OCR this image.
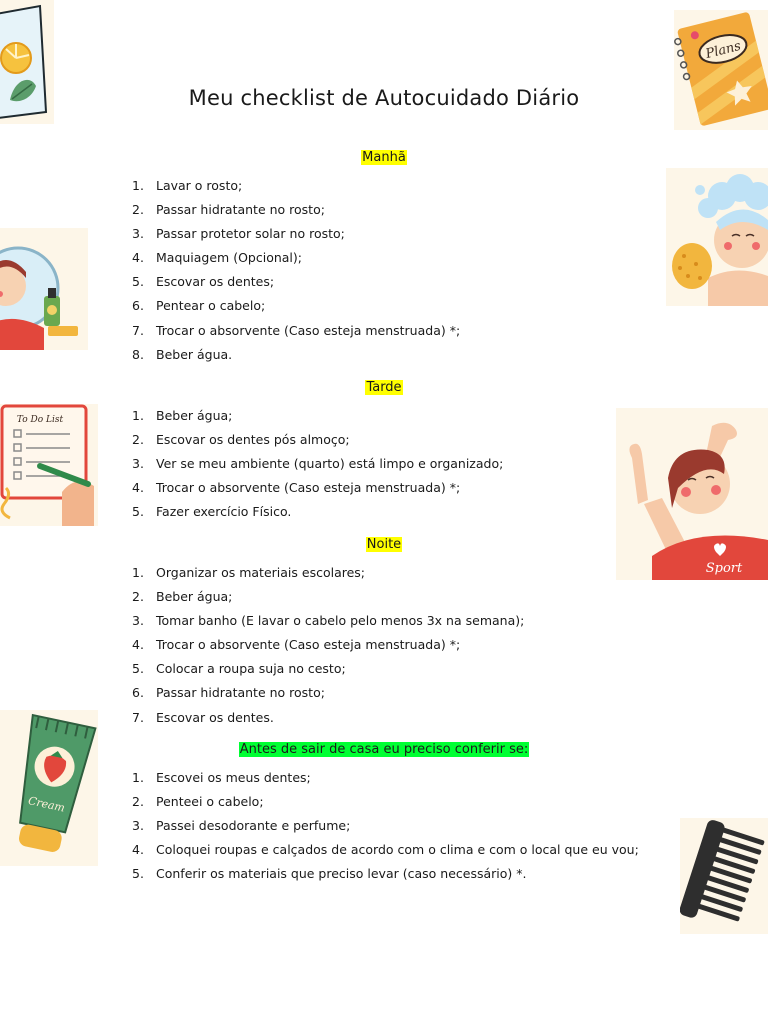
Meu checklist de Autocuidado Diário
Manhã
1. Lavar o rosto;
2. Passar hidratante no rosto;
3. Passar protetor solar no rosto;
4. Maquiagem (Opcional);
5. Escovar os dentes;
6. Pentear o cabelo;
7. Trocar o absorvente (Caso esteja menstruada) *;
8. Beber água.
Tarde
1. Beber água;
2. Escovar os dentes pós almoço;
3. Ver se meu ambiente (quarto) está limpo e organizado;
4. Trocar o absorvente (Caso esteja menstruada) *;
5. Fazer exercício Físico.
Noite
1. Organizar os materiais escolares;
2. Beber água;
3. Tomar banho (E lavar o cabelo pelo menos 3x na semana);
4. Trocar o absorvente (Caso esteja menstruada) *;
5. Colocar a roupa suja no cesto;
6. Passar hidratante no rosto;
7. Escovar os dentes.
Antes de sair de casa eu preciso conferir se:
1. Escovei os meus dentes;
2. Penteei o cabelo;
3. Passei desodorante e perfume;
4. Coloquei roupas e calçados de acordo com o clima e com o local que eu vou;
5. Conferir os materiais que preciso levar (caso necessário) *.
Plans
To Do List
Sport
Cream
